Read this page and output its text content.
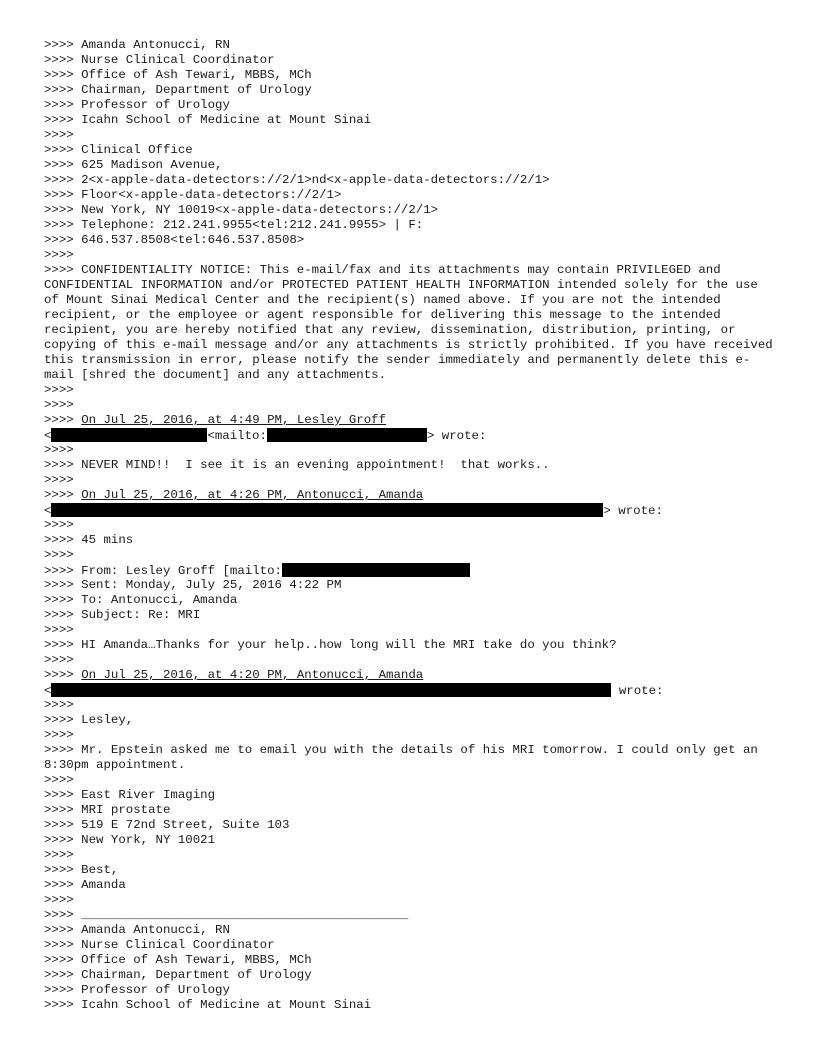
>>>> Amanda Antonucci, RN
>>>> Nurse Clinical Coordinator
>>>> Office of Ash Tewari, MBBS, MCh
>>>> Chairman, Department of Urology
>>>> Professor of Urology
>>>> Icahn School of Medicine at Mount Sinai
>>>>
>>>> Clinical Office
>>>> 625 Madison Avenue,
>>>> 2<x-apple-data-detectors://2/1>nd<x-apple-data-detectors://2/1>
>>>> Floor<x-apple-data-detectors://2/1>
>>>> New York, NY 10019<x-apple-data-detectors://2/1>
>>>> Telephone: 212.241.9955<tel:212.241.9955> | F:
>>>> 646.537.8508<tel:646.537.8508>
>>>>
>>>> CONFIDENTIALITY NOTICE: This e-mail/fax and its attachments may contain PRIVILEGED and CONFIDENTIAL INFORMATION and/or PROTECTED PATIENT HEALTH INFORMATION intended solely for the use of Mount Sinai Medical Center and the recipient(s) named above. If you are not the intended recipient, or the employee or agent responsible for delivering this message to the intended recipient, you are hereby notified that any review, dissemination, distribution, printing, or copying of this e-mail message and/or any attachments is strictly prohibited. If you have received this transmission in error, please notify the sender immediately and permanently delete this e-mail [shred the document] and any attachments.
>>>>
>>>>
>>>> On Jul 25, 2016, at 4:49 PM, Lesley Groff
<	<mailto:	> wrote:
>>>>
>>>> NEVER MIND!!  I see it is an evening appointment!  that works..
>>>>
>>>> On Jul 25, 2016, at 4:26 PM, Antonucci, Amanda
<	> wrote:
>>>>
>>>> 45 mins
>>>>
>>>> From: Lesley Groff [mailto:
>>>> Sent: Monday, July 25, 2016 4:22 PM
>>>> To: Antonucci, Amanda
>>>> Subject: Re: MRI
>>>>
>>>> HI Amanda…Thanks for your help..how long will the MRI take do you think?
>>>>
>>>> On Jul 25, 2016, at 4:20 PM, Antonucci, Amanda
<	wrote:
>>>>
>>>> Lesley,
>>>>
>>>> Mr. Epstein asked me to email you with the details of his MRI tomorrow. I could only get an 8:30pm appointment.
>>>>
>>>> East River Imaging
>>>> MRI prostate
>>>> 519 E 72nd Street, Suite 103
>>>> New York, NY 10021
>>>>
>>>> Best,
>>>> Amanda
>>>>
>>>> ____________________________________________
>>>> Amanda Antonucci, RN
>>>> Nurse Clinical Coordinator
>>>> Office of Ash Tewari, MBBS, MCh
>>>> Chairman, Department of Urology
>>>> Professor of Urology
>>>> Icahn School of Medicine at Mount Sinai
